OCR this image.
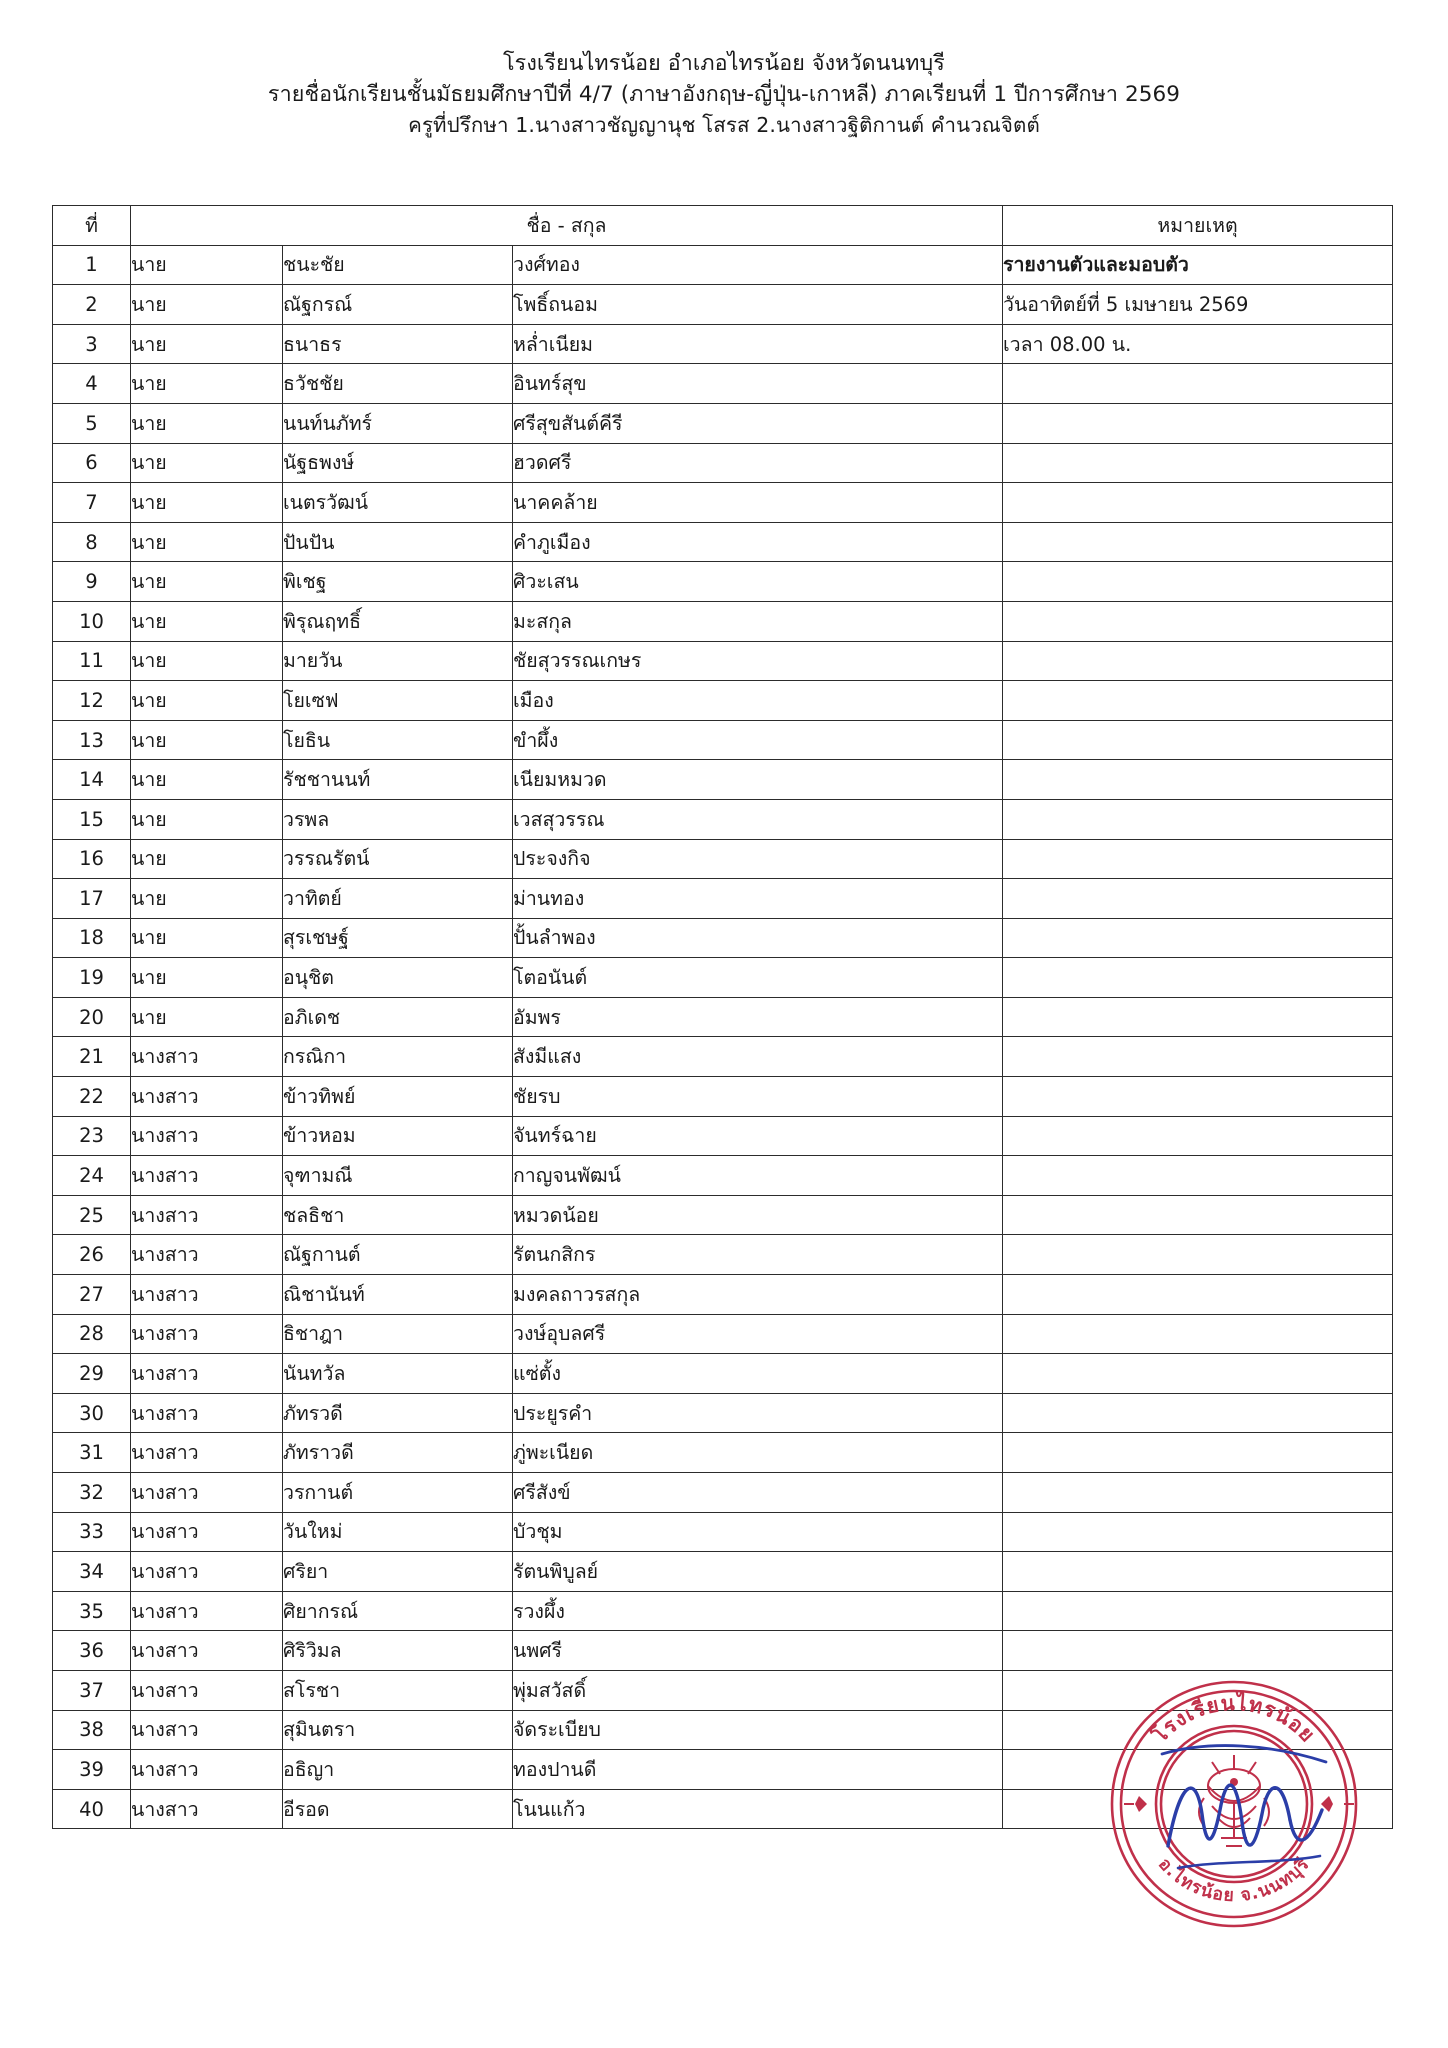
โรงเรียนไทรน้อย อำเภอไทรน้อย จังหวัดนนทบุรี
รายชื่อนักเรียนชั้นมัธยมศึกษาปีที่ 4/7 (ภาษาอังกฤษ-ญี่ปุ่น-เกาหลี) ภาคเรียนที่ 1 ปีการศึกษา 2569
ครูที่ปรึกษา 1.นางสาวชัญญานุช โสรส 2.นางสาวฐิติกานต์ คำนวณจิตต์
ที่	ชื่อ - สกุล			หมายเหตุ
1	นาย	ชนะชัย	วงศ์ทอง	รายงานตัวและมอบตัว
2	นาย	ณัฐกรณ์	โพธิ์ถนอม	วันอาทิตย์ที่ 5 เมษายน 2569
3	นาย	ธนาธร	หล่ำเนียม	เวลา 08.00 น.
4	นาย	ธวัชชัย	อินทร์สุข	
5	นาย	นนท์นภัทร์	ศรีสุขสันต์คีรี	
6	นาย	นัฐธพงษ์	ฮวดศรี	
7	นาย	เนตรวัฒน์	นาคคล้าย	
8	นาย	ปันปัน	คำภูเมือง	
9	นาย	พิเชฐ	ศิวะเสน	
10	นาย	พิรุณฤทธิ์	มะสกุล	
11	นาย	มายวัน	ชัยสุวรรณเกษร	
12	นาย	โยเซฟ	เมือง	
13	นาย	โยธิน	ขำผึ้ง	
14	นาย	รัชชานนท์	เนียมหมวด	
15	นาย	วรพล	เวสสุวรรณ	
16	นาย	วรรณรัตน์	ประจงกิจ	
17	นาย	วาทิตย์	ม่านทอง	
18	นาย	สุรเชษฐ์	ปั้นลำพอง	
19	นาย	อนุชิต	โตอนันต์	
20	นาย	อภิเดช	อัมพร	
21	นางสาว	กรณิกา	สังมีแสง	
22	นางสาว	ข้าวทิพย์	ชัยรบ	
23	นางสาว	ข้าวหอม	จันทร์ฉาย	
24	นางสาว	จุฑามณี	กาญจนพัฒน์	
25	นางสาว	ชลธิชา	หมวดน้อย	
26	นางสาว	ณัฐกานต์	รัตนกสิกร	
27	นางสาว	ณิชานันท์	มงคลถาวรสกุล	
28	นางสาว	ธิชาฎา	วงษ์อุบลศรี	
29	นางสาว	นันทวัล	แซ่ตั้ง	
30	นางสาว	ภัทรวดี	ประยูรคำ	
31	นางสาว	ภัทราวดี	ภู่พะเนียด	
32	นางสาว	วรกานต์	ศรีสังข์	
33	นางสาว	วันใหม่	บัวชุม	
34	นางสาว	ศริยา	รัตนพิบูลย์	
35	นางสาว	ศิยากรณ์	รวงผึ้ง	
36	นางสาว	ศิริวิมล	นพศรี	
37	นางสาว	สโรชา	พุ่มสวัสดิ์	
38	นางสาว	สุมินตรา	จัดระเบียบ	
39	นางสาว	อธิญา	ทองปานดี	
40	นางสาว	อีรอด	โนนแก้ว	
โรงเรียนไทรน้อย
อ.ไทรน้อย จ.นนทบุรี
